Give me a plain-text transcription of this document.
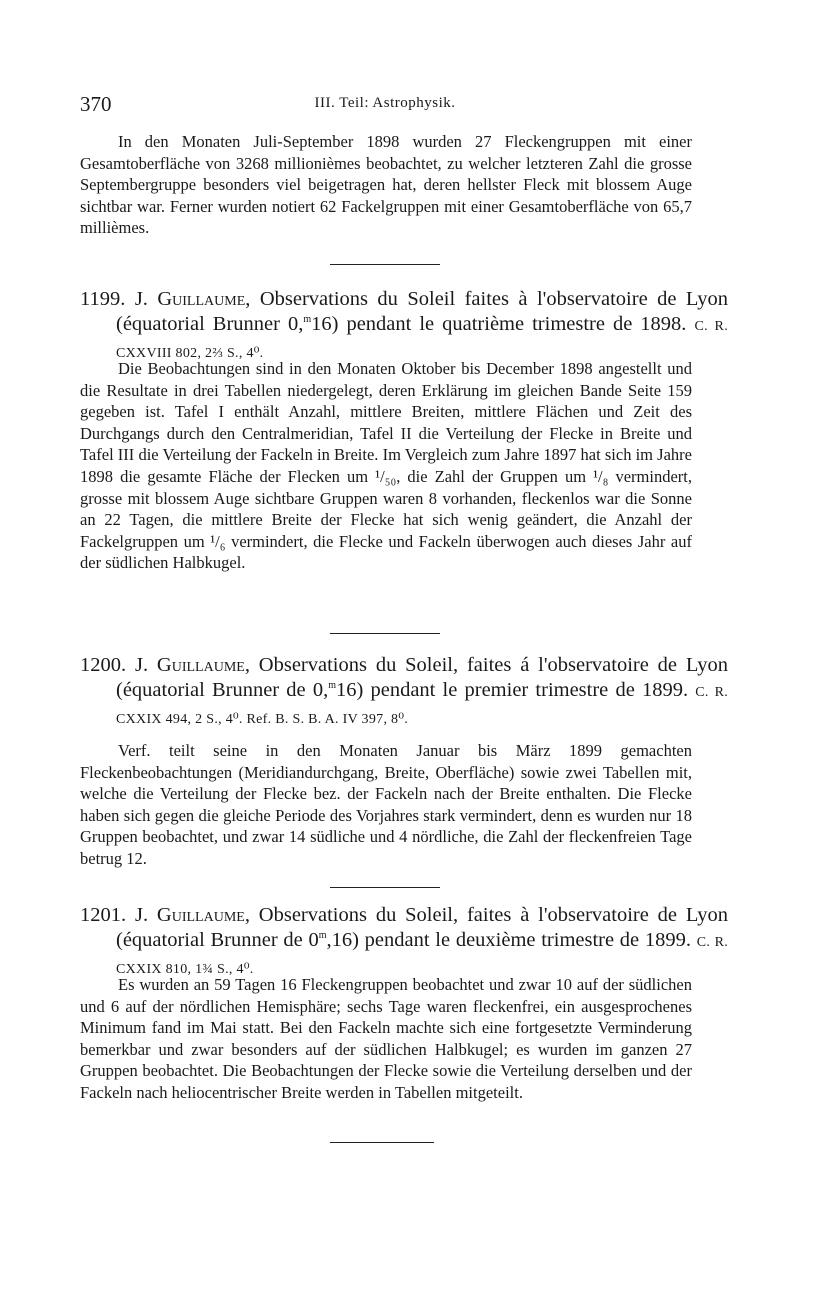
370	III. Teil: Astrophysik.

In den Monaten Juli-September 1898 wurden 27 Fleckengruppen mit einer Gesamtoberfläche von 3268 millionièmes beobachtet, zu welcher letzteren Zahl die grosse Septembergruppe besonders viel beigetragen hat, deren hellster Fleck mit blossem Auge sichtbar war. Ferner wurden notiert 62 Fackelgruppen mit einer Gesamtoberfläche von 65,7 millièmes.

1199. J. Guillaume, Observations du Soleil faites à l'observatoire de Lyon (équatorial Brunner 0,$^m$16) pendant le quatrième trimestre de 1898. C. R. CXXVIII 802, 2⅔ S., 4⁰.

Die Beobachtungen sind in den Monaten Oktober bis December 1898 angestellt und die Resultate in drei Tabellen niedergelegt, deren Erklärung im gleichen Bande Seite 159 gegeben ist. Tafel I enthält Anzahl, mittlere Breiten, mittlere Flächen und Zeit des Durchgangs durch den Centralmeridian, Tafel II die Verteilung der Flecke in Breite und Tafel III die Verteilung der Fackeln in Breite. Im Vergleich zum Jahre 1897 hat sich im Jahre 1898 die gesamte Fläche der Flecken um ¹/₅₀, die Zahl der Gruppen um ¹/₈ vermindert, grosse mit blossem Auge sichtbare Gruppen waren 8 vorhanden, fleckenlos war die Sonne an 22 Tagen, die mittlere Breite der Flecke hat sich wenig geändert, die Anzahl der Fackelgruppen um ¹/₆ vermindert, die Flecke und Fackeln überwogen auch dieses Jahr auf der südlichen Halbkugel.

1200. J. Guillaume, Observations du Soleil, faites á l'observatoire de Lyon (équatorial Brunner de 0,$^m$16) pendant le premier trimestre de 1899. C. R. CXXIX 494, 2 S., 4⁰. Ref. B. S. B. A. IV 397, 8⁰.

Verf. teilt seine in den Monaten Januar bis März 1899 gemachten Fleckenbeobachtungen (Meridiandurchgang, Breite, Oberfläche) sowie zwei Tabellen mit, welche die Verteilung der Flecke bez. der Fackeln nach der Breite enthalten. Die Flecke haben sich gegen die gleiche Periode des Vorjahres stark vermindert, denn es wurden nur 18 Gruppen beobachtet, und zwar 14 südliche und 4 nördliche, die Zahl der fleckenfreien Tage betrug 12.

1201. J. Guillaume, Observations du Soleil, faites à l'observatoire de Lyon (équatorial Brunner de 0$^m$,16) pendant le deuxième trimestre de 1899. C. R. CXXIX 810, 1¾ S., 4⁰.

Es wurden an 59 Tagen 16 Fleckengruppen beobachtet und zwar 10 auf der südlichen und 6 auf der nördlichen Hemisphäre; sechs Tage waren fleckenfrei, ein ausgesprochenes Minimum fand im Mai statt. Bei den Fackeln machte sich eine fortgesetzte Verminderung bemerkbar und zwar besonders auf der südlichen Halbkugel; es wurden im ganzen 27 Gruppen beobachtet. Die Beobachtungen der Flecke sowie die Verteilung derselben und der Fackeln nach heliocentrischer Breite werden in Tabellen mitgeteilt.
